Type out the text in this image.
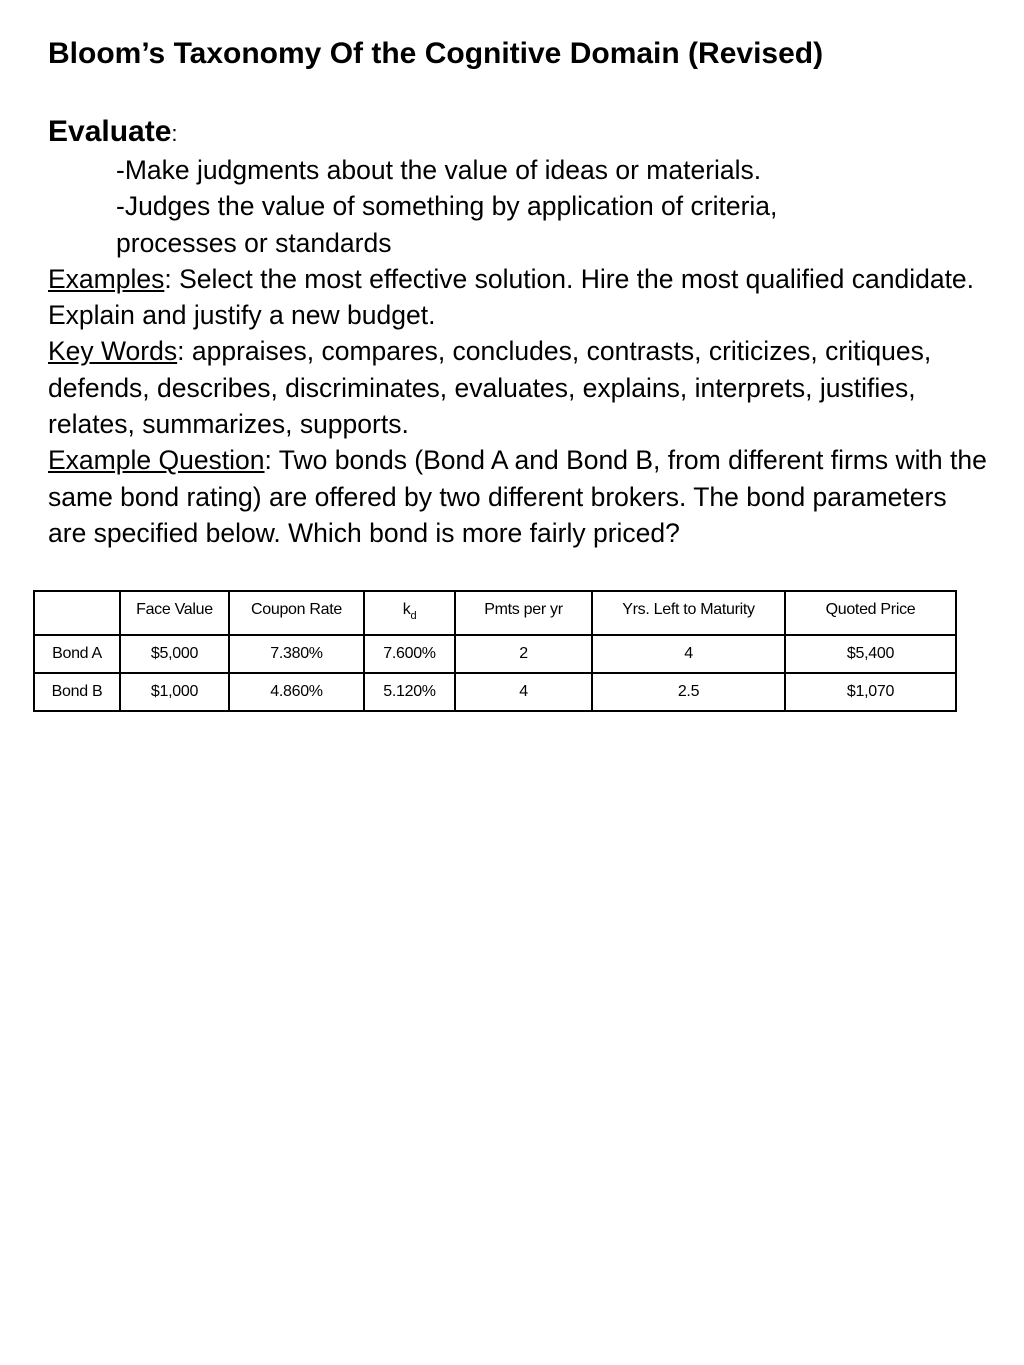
Bloom’s Taxonomy Of the Cognitive Domain (Revised)
Evaluate:
-Make judgments about the value of ideas or materials.
-Judges the value of something by application of criteria,
processes or standards
Examples: Select the most effective solution. Hire the most qualified candidate. Explain and justify a new budget.
Key Words: appraises, compares, concludes, contrasts, criticizes, critiques, defends, describes, discriminates, evaluates, explains, interprets, justifies, relates, summarizes, supports.
Example Question: Two bonds (Bond A and Bond B, from different firms with the same bond rating) are offered by two different brokers. The bond parameters are specified below. Which bond is more fairly priced?
	Face Value	Coupon Rate	$k_d$	Pmts per yr	Yrs. Left to Maturity	Quoted Price
Bond A	$5,000	7.380%	7.600%	2	4	$5,400
Bond B	$1,000	4.860%	5.120%	4	2.5	$1,070
